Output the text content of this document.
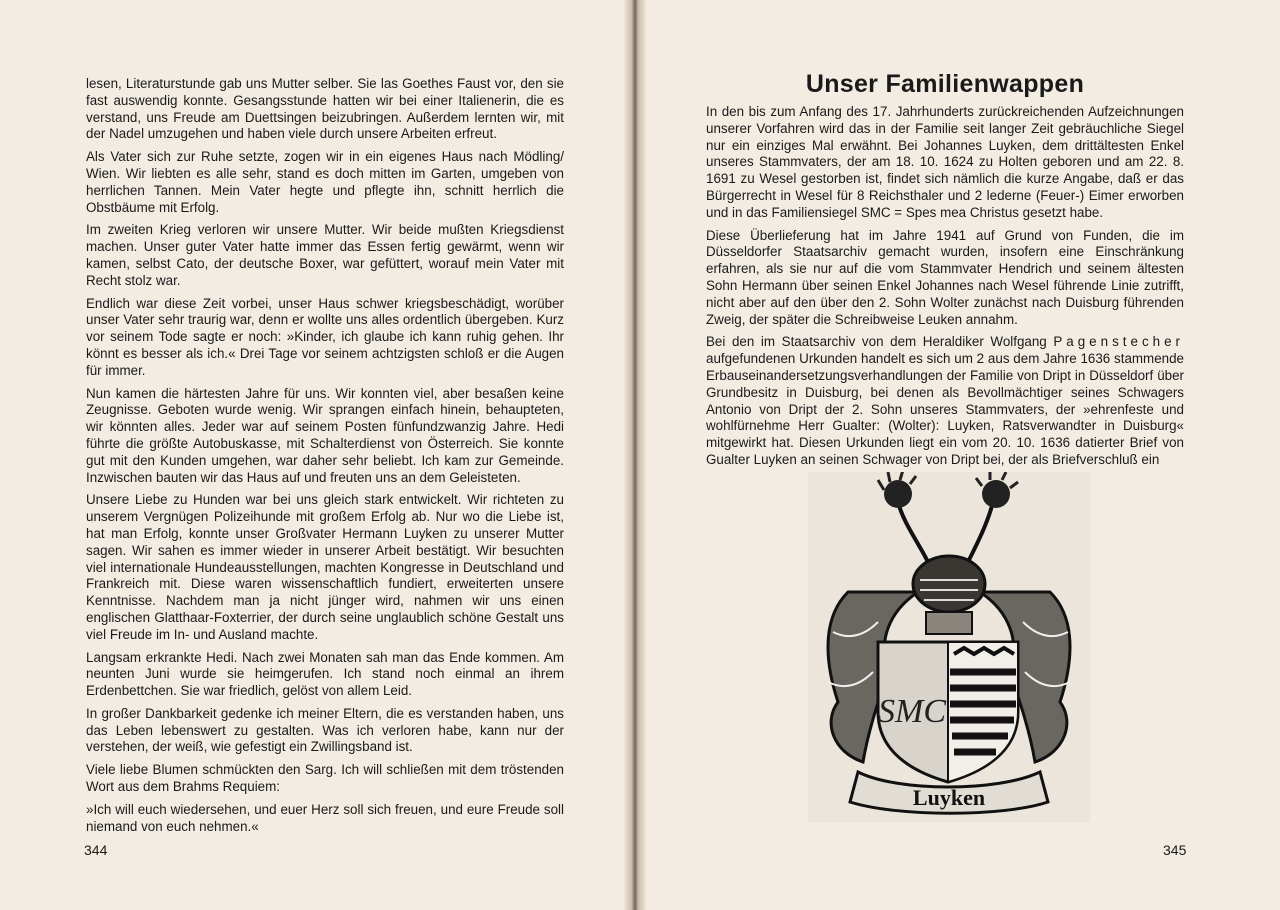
lesen, Literaturstunde gab uns Mutter selber. Sie las Goethes Faust vor, den sie fast auswendig konnte. Gesangsstunde hatten wir bei einer Italienerin, die es verstand, uns Freude am Duettsingen beizubringen. Außerdem lernten wir, mit der Nadel umzugehen und haben viele durch unsere Arbeiten erfreut.

Als Vater sich zur Ruhe setzte, zogen wir in ein eigenes Haus nach Mödling/ Wien. Wir liebten es alle sehr, stand es doch mitten im Garten, umgeben von herrlichen Tannen. Mein Vater hegte und pflegte ihn, schnitt herrlich die Obstbäume mit Erfolg.

Im zweiten Krieg verloren wir unsere Mutter. Wir beide mußten Kriegsdienst machen. Unser guter Vater hatte immer das Essen fertig gewärmt, wenn wir kamen, selbst Cato, der deutsche Boxer, war gefüttert, worauf mein Vater mit Recht stolz war.

Endlich war diese Zeit vorbei, unser Haus schwer kriegsbeschädigt, worüber unser Vater sehr traurig war, denn er wollte uns alles ordentlich übergeben. Kurz vor seinem Tode sagte er noch: »Kinder, ich glaube ich kann ruhig gehen. Ihr könnt es besser als ich.« Drei Tage vor seinem achtzigsten schloß er die Augen für immer.

Nun kamen die härtesten Jahre für uns. Wir konnten viel, aber besaßen keine Zeugnisse. Geboten wurde wenig. Wir sprangen einfach hinein, behaupteten, wir könnten alles. Jeder war auf seinem Posten fünfundzwanzig Jahre. Hedi führte die größte Autobuskasse, mit Schalterdienst von Österreich. Sie konnte gut mit den Kunden umgehen, war daher sehr beliebt. Ich kam zur Gemeinde. Inzwischen bauten wir das Haus auf und freuten uns an dem Geleisteten.

Unsere Liebe zu Hunden war bei uns gleich stark entwickelt. Wir richteten zu unserem Vergnügen Polizeihunde mit großem Erfolg ab. Nur wo die Liebe ist, hat man Erfolg, konnte unser Großvater Hermann Luyken zu unserer Mutter sagen. Wir sahen es immer wieder in unserer Arbeit bestätigt. Wir besuchten viel internationale Hundeausstellungen, machten Kongresse in Deutschland und Frankreich mit. Diese waren wissenschaftlich fundiert, erweiterten unsere Kenntnisse. Nachdem man ja nicht jünger wird, nahmen wir uns einen englischen Glatthaar-Foxterrier, der durch seine unglaublich schöne Gestalt uns viel Freude im In- und Ausland machte.

Langsam erkrankte Hedi. Nach zwei Monaten sah man das Ende kommen. Am neunten Juni wurde sie heimgerufen. Ich stand noch einmal an ihrem Erdenbettchen. Sie war friedlich, gelöst von allem Leid.

In großer Dankbarkeit gedenke ich meiner Eltern, die es verstanden haben, uns das Leben lebenswert zu gestalten. Was ich verloren habe, kann nur der verstehen, der weiß, wie gefestigt ein Zwillingsband ist.

Viele liebe Blumen schmückten den Sarg. Ich will schließen mit dem tröstenden Wort aus dem Brahms Requiem:

»Ich will euch wiedersehen, und euer Herz soll sich freuen, und eure Freude soll niemand von euch nehmen.«

344
Unser Familienwappen

In den bis zum Anfang des 17. Jahrhunderts zurückreichenden Aufzeichnungen unserer Vorfahren wird das in der Familie seit langer Zeit gebräuchliche Siegel nur ein einziges Mal erwähnt. Bei Johannes Luyken, dem drittältesten Enkel unseres Stammvaters, der am 18. 10. 1624 zu Holten geboren und am 22. 8. 1691 zu Wesel gestorben ist, findet sich nämlich die kurze Angabe, daß er das Bürgerrecht in Wesel für 8 Reichsthaler und 2 lederne (Feuer-) Eimer erworben und in das Familiensiegel SMC = Spes mea Christus gesetzt habe.

Diese Überlieferung hat im Jahre 1941 auf Grund von Funden, die im Düsseldorfer Staatsarchiv gemacht wurden, insofern eine Einschränkung erfahren, als sie nur auf die vom Stammvater Hendrich und seinem ältesten Sohn Hermann über seinen Enkel Johannes nach Wesel führende Linie zutrifft, nicht aber auf den über den 2. Sohn Wolter zunächst nach Duisburg führenden Zweig, der später die Schreibweise Leuken annahm.

Bei den im Staatsarchiv von dem Heraldiker Wolfgang Pagenstecher aufgefundenen Urkunden handelt es sich um 2 aus dem Jahre 1636 stammende Erbauseinandersetzungsverhandlungen der Familie von Dript in Düsseldorf über Grundbesitz in Duisburg, bei denen als Bevollmächtiger seines Schwagers Antonio von Dript der 2. Sohn unseres Stammvaters, der »ehrenfeste und wohlfürnehme Herr Gualter: (Wolter): Luyken, Ratsverwandter in Duisburg« mitgewirkt hat. Diesen Urkunden liegt ein vom 20. 10. 1636 datierter Brief von Gualter Luyken an seinen Schwager von Dript bei, der als Briefverschluß ein

SMC
Luyken
345
